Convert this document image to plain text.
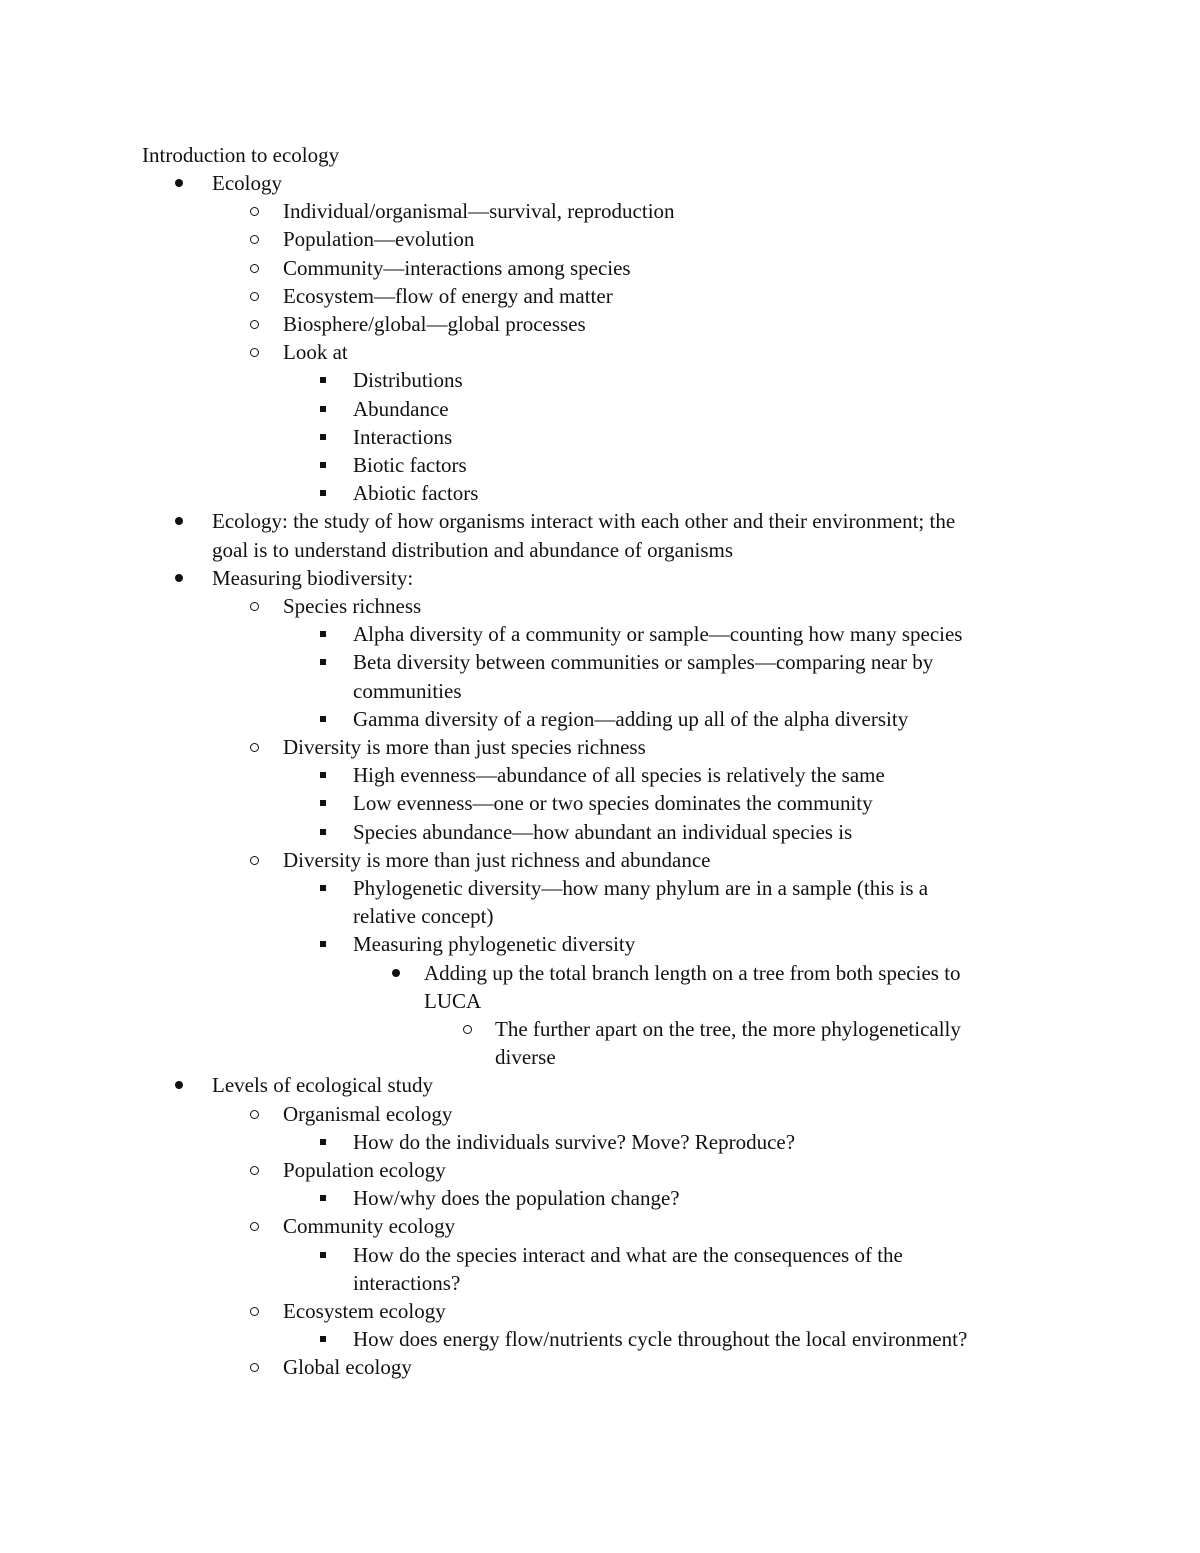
Introduction to ecology
Ecology
Individual/organismal—survival, reproduction
Population—evolution
Community—interactions among species
Ecosystem—flow of energy and matter
Biosphere/global—global processes
Look at
Distributions
Abundance
Interactions
Biotic factors
Abiotic factors
Ecology: the study of how organisms interact with each other and their environment; the
goal is to understand distribution and abundance of organisms
Measuring biodiversity:
Species richness
Alpha diversity of a community or sample—counting how many species
Beta diversity between communities or samples—comparing near by
communities
Gamma diversity of a region—adding up all of the alpha diversity
Diversity is more than just species richness
High evenness—abundance of all species is relatively the same
Low evenness—one or two species dominates the community
Species abundance—how abundant an individual species is
Diversity is more than just richness and abundance
Phylogenetic diversity—how many phylum are in a sample (this is a
relative concept)
Measuring phylogenetic diversity
Adding up the total branch length on a tree from both species to
LUCA
The further apart on the tree, the more phylogenetically
diverse
Levels of ecological study
Organismal ecology
How do the individuals survive? Move? Reproduce?
Population ecology
How/why does the population change?
Community ecology
How do the species interact and what are the consequences of the
interactions?
Ecosystem ecology
How does energy flow/nutrients cycle throughout the local environment?
Global ecology
